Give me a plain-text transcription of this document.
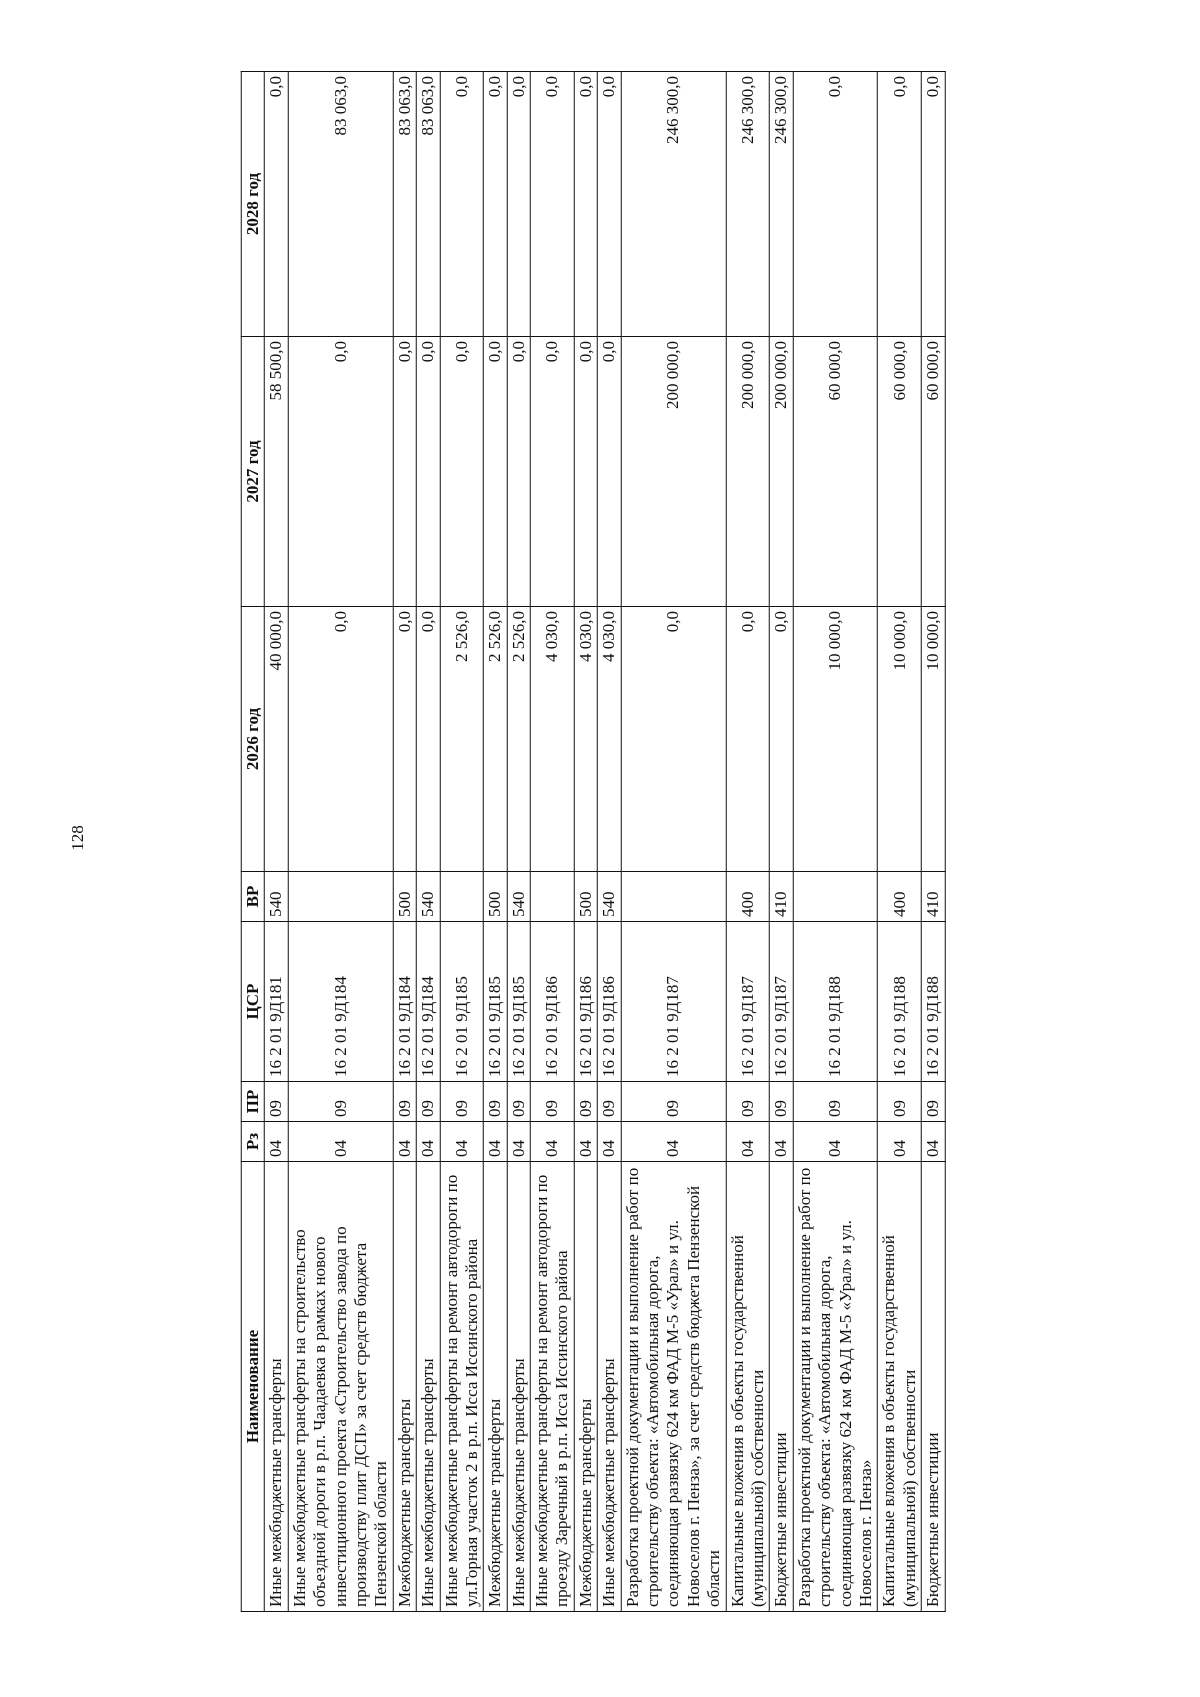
128
Наименование	Рз	ПР	ЦСР	ВР	2026 год	2027 год	2028 год
Иные межбюджетные трансферты	04	09	16 2 01 9Д181	540	40 000,0	58 500,0	0,0
Иные межбюджетные трансферты на строительство объездной дороги в р.п. Чаадаевка в рамках нового инвестиционного проекта «Строительство завода по производству плит ДСП» за счет средств бюджета Пензенской области	04	09	16 2 01 9Д184		0,0	0,0	83 063,0
Межбюджетные трансферты	04	09	16 2 01 9Д184	500	0,0	0,0	83 063,0
Иные межбюджетные трансферты	04	09	16 2 01 9Д184	540	0,0	0,0	83 063,0
Иные межбюджетные трансферты на ремонт автодороги по ул.Горная участок 2 в р.п. Исса Иссинского района	04	09	16 2 01 9Д185		2 526,0	0,0	0,0
Межбюджетные трансферты	04	09	16 2 01 9Д185	500	2 526,0	0,0	0,0
Иные межбюджетные трансферты	04	09	16 2 01 9Д185	540	2 526,0	0,0	0,0
Иные межбюджетные трансферты на ремонт автодороги по проезду Заречный в р.п. Исса Иссинского района	04	09	16 2 01 9Д186		4 030,0	0,0	0,0
Межбюджетные трансферты	04	09	16 2 01 9Д186	500	4 030,0	0,0	0,0
Иные межбюджетные трансферты	04	09	16 2 01 9Д186	540	4 030,0	0,0	0,0
Разработка проектной документации и выполнение работ по строительству объекта: «Автомобильная дорога, соединяющая развязку 624 км ФАД М-5 «Урал» и ул. Новоселов г. Пенза», за счет средств бюджета Пензенской области	04	09	16 2 01 9Д187		0,0	200 000,0	246 300,0
Капитальные вложения в объекты государственной (муниципальной) собственности	04	09	16 2 01 9Д187	400	0,0	200 000,0	246 300,0
Бюджетные инвестиции	04	09	16 2 01 9Д187	410	0,0	200 000,0	246 300,0
Разработка проектной документации и выполнение работ по строительству объекта: «Автомобильная дорога, соединяющая развязку 624 км ФАД М-5 «Урал» и ул. Новоселов г. Пенза»	04	09	16 2 01 9Д188		10 000,0	60 000,0	0,0
Капитальные вложения в объекты государственной (муниципальной) собственности	04	09	16 2 01 9Д188	400	10 000,0	60 000,0	0,0
Бюджетные инвестиции	04	09	16 2 01 9Д188	410	10 000,0	60 000,0	0,0
